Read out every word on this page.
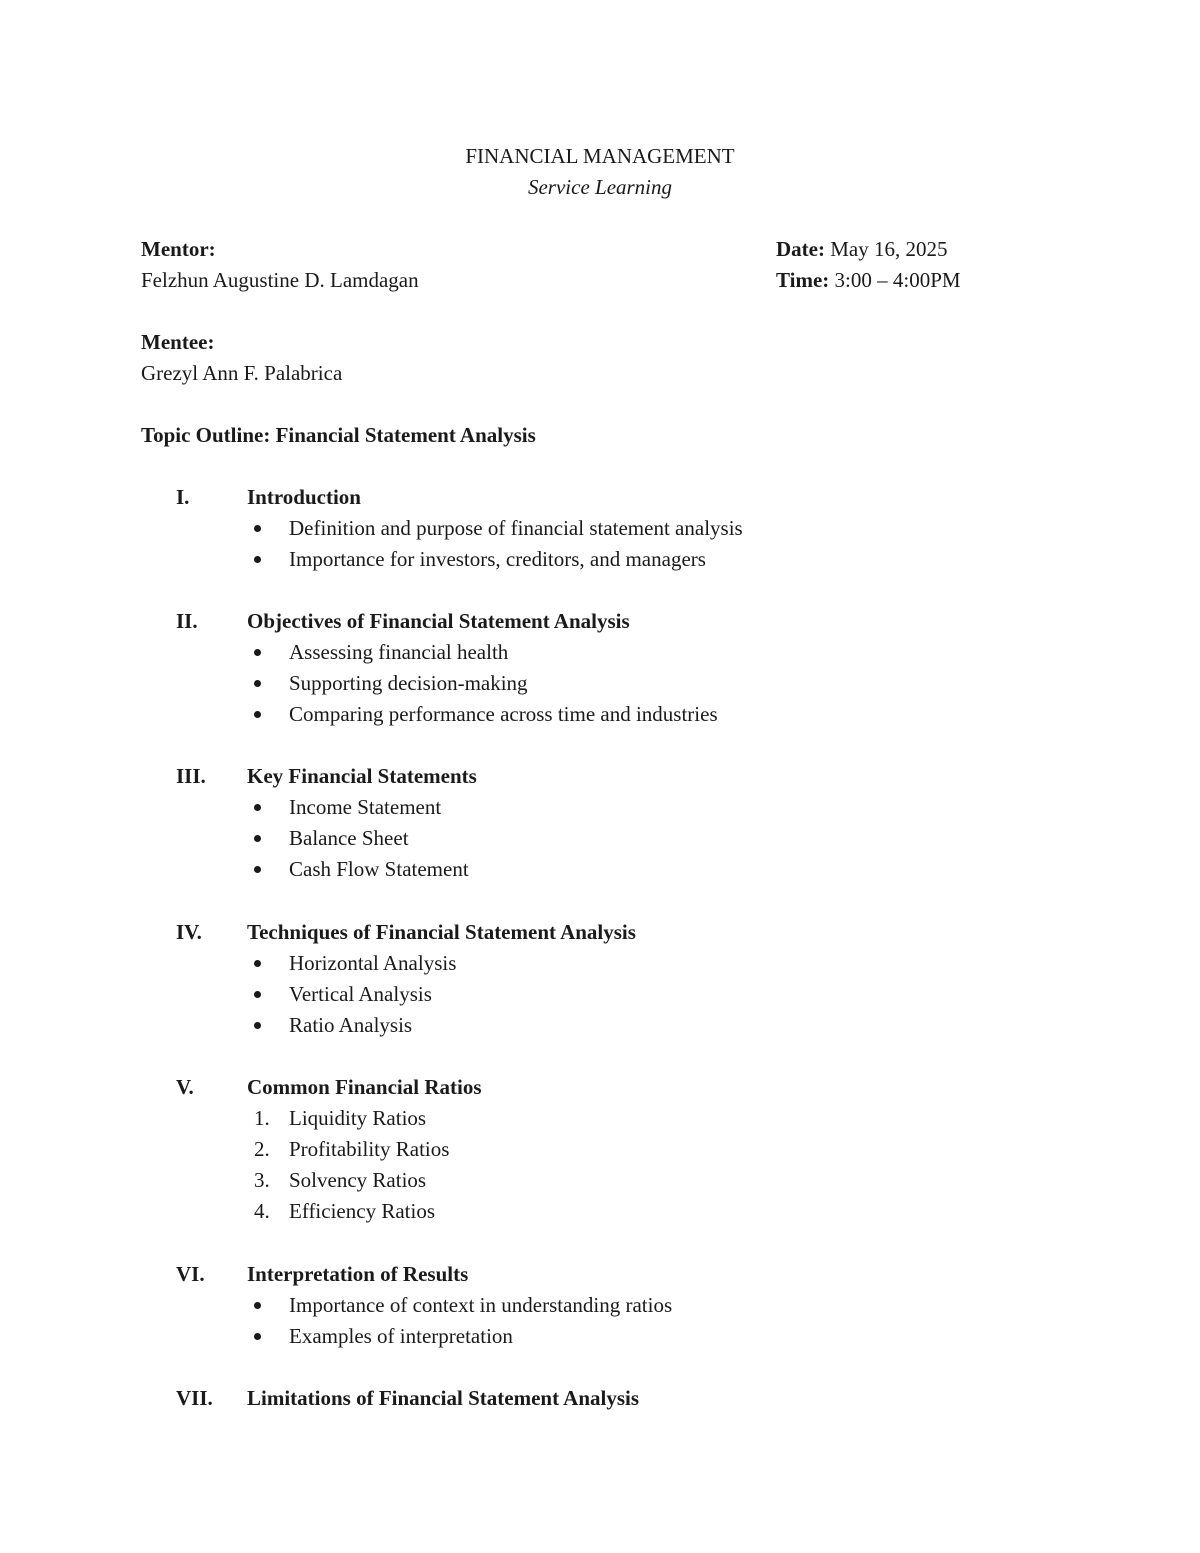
FINANCIAL MANAGEMENT
Service Learning
Mentor:
Felzhun Augustine D. Lamdagan
Date: May 16, 2025
Time: 3:00 – 4:00PM
Mentee:
Grezyl Ann F. Palabrica
Topic Outline: Financial Statement Analysis
I.	Introduction
Definition and purpose of financial statement analysis
Importance for investors, creditors, and managers
II. Objectives of Financial Statement Analysis
Assessing financial health
Supporting decision-making
Comparing performance across time and industries
III. Key Financial Statements
Income Statement
Balance Sheet
Cash Flow Statement
IV. Techniques of Financial Statement Analysis
Horizontal Analysis
Vertical Analysis
Ratio Analysis
V.	Common Financial Ratios
1. Liquidity Ratios
2. Profitability Ratios
3. Solvency Ratios
4. Efficiency Ratios
VI. Interpretation of Results
Importance of context in understanding ratios
Examples of interpretation
VII. Limitations of Financial Statement Analysis
